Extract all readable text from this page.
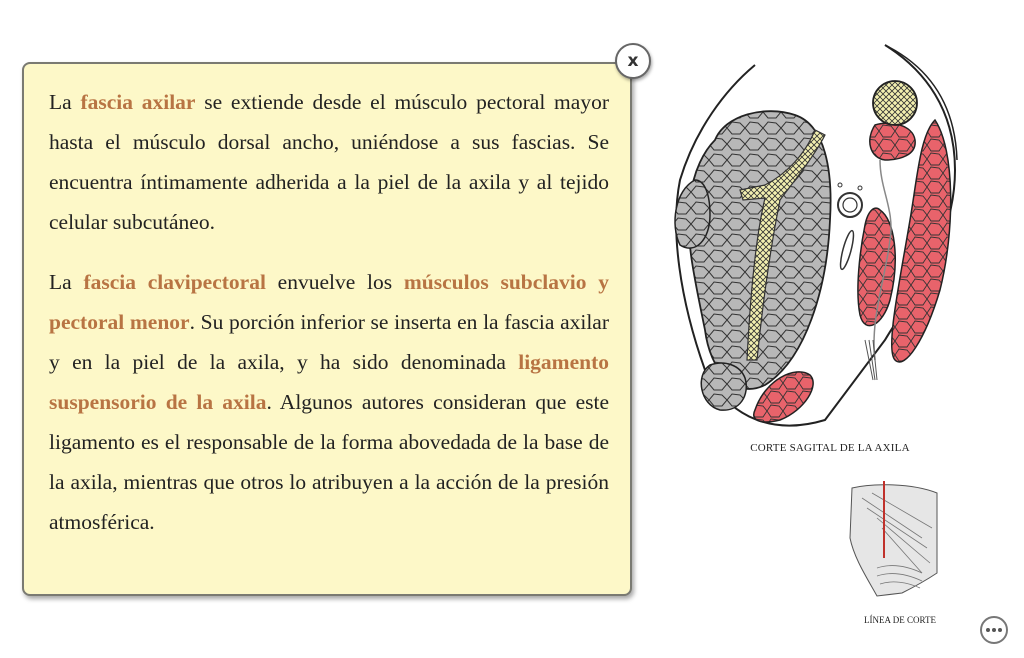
La fascia axilar se extiende desde el músculo pectoral mayor hasta el músculo dorsal ancho, uniéndose a sus fascias. Se encuentra íntimamente adherida a la piel de la axila y al tejido celular subcutáneo.

La fascia clavipectoral envuelve los músculos subclavio y pectoral menor. Su porción inferior se inserta en la fascia axilar y en la piel de la axila, y ha sido denominada ligamento suspensorio de la axila. Algunos autores consideran que este ligamento es el responsable de la forma abovedada de la base de la axila, mientras que otros lo atribuyen a la acción de la presión atmosférica.

x
CORTE SAGITAL DE LA AXILA
LÍNEA DE CORTE
